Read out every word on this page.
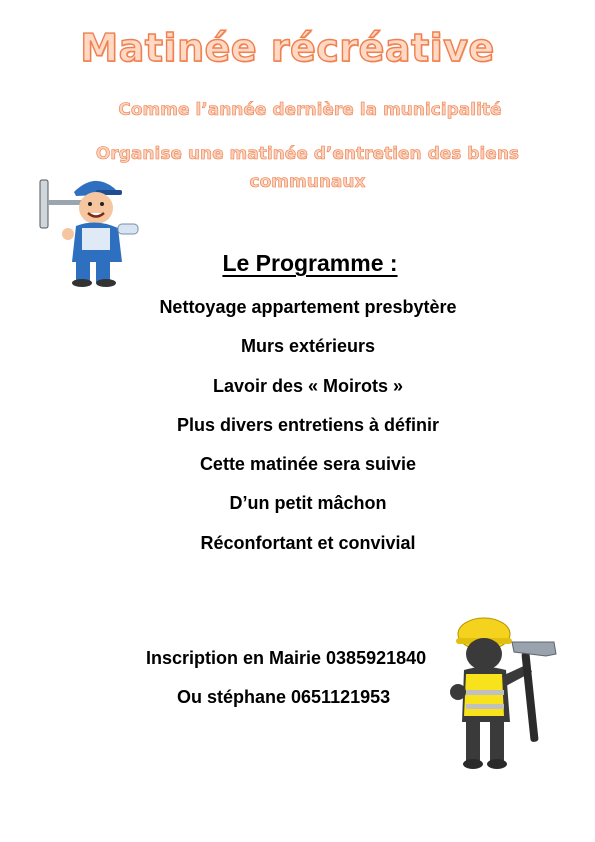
Matinée récréative
Comme l’année dernière la municipalité
Organise une matinée d’entretien des biens communaux
Le Programme :
Nettoyage appartement presbytère
Murs extérieurs
Lavoir des « Moirots »
Plus divers entretiens à définir
Cette matinée sera suivie
D’un petit mâchon
Réconfortant et convivial
Inscription en Mairie 0385921840
Ou stéphane 0651121953
